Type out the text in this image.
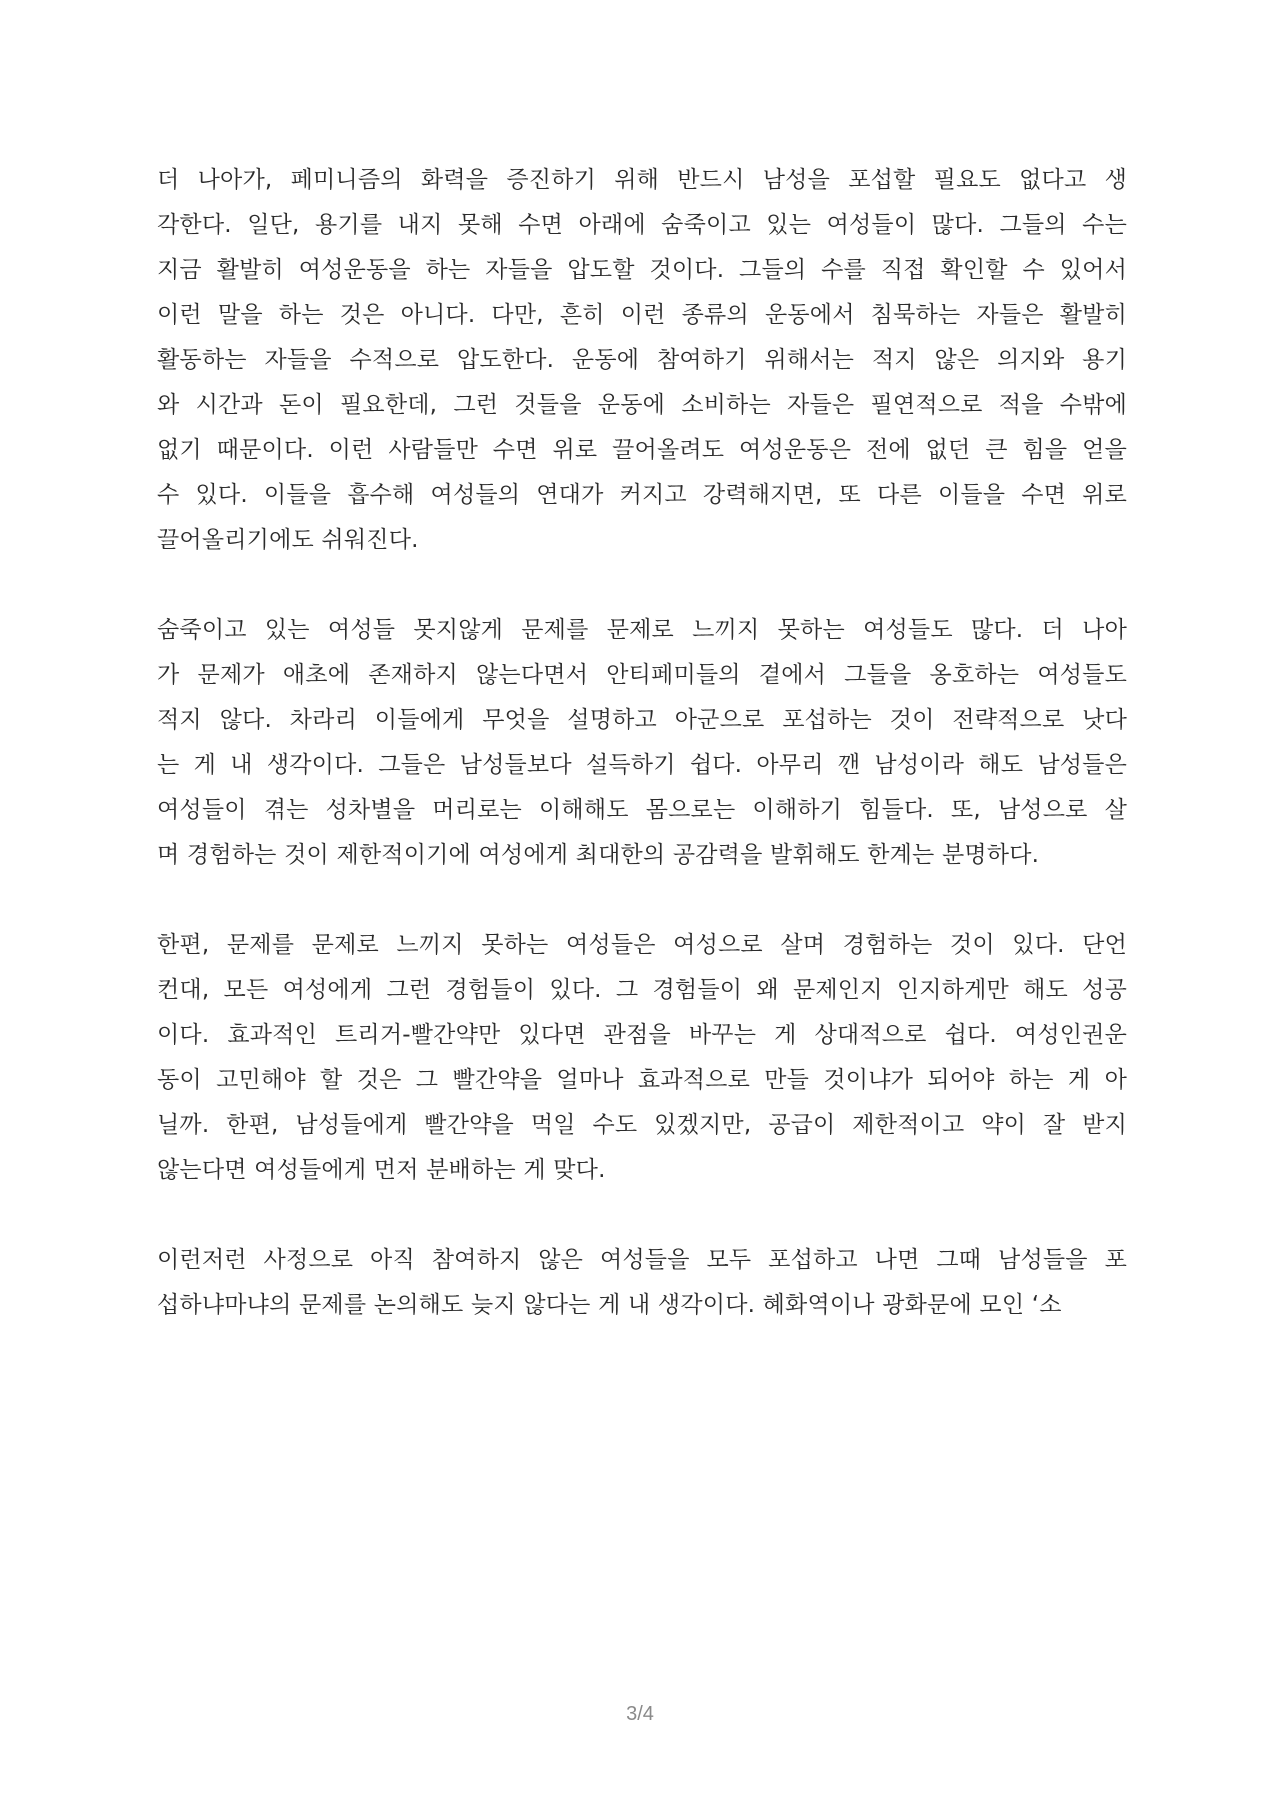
더 나아가, 페미니즘의 화력을 증진하기 위해 반드시 남성을 포섭할 필요도 없다고 생
각한다. 일단, 용기를 내지 못해 수면 아래에 숨죽이고 있는 여성들이 많다. 그들의 수는
지금 활발히 여성운동을 하는 자들을 압도할 것이다. 그들의 수를 직접 확인할 수 있어서
이런 말을 하는 것은 아니다. 다만, 흔히 이런 종류의 운동에서 침묵하는 자들은 활발히
활동하는 자들을 수적으로 압도한다. 운동에 참여하기 위해서는 적지 않은 의지와 용기
와 시간과 돈이 필요한데, 그런 것들을 운동에 소비하는 자들은 필연적으로 적을 수밖에
없기 때문이다. 이런 사람들만 수면 위로 끌어올려도 여성운동은 전에 없던 큰 힘을 얻을
수 있다. 이들을 흡수해 여성들의 연대가 커지고 강력해지면, 또 다른 이들을 수면 위로
끌어올리기에도 쉬워진다.
숨죽이고 있는 여성들 못지않게 문제를 문제로 느끼지 못하는 여성들도 많다. 더 나아
가 문제가 애초에 존재하지 않는다면서 안티페미들의 곁에서 그들을 옹호하는 여성들도
적지 않다. 차라리 이들에게 무엇을 설명하고 아군으로 포섭하는 것이 전략적으로 낫다
는 게 내 생각이다. 그들은 남성들보다 설득하기 쉽다. 아무리 깬 남성이라 해도 남성들은
여성들이 겪는 성차별을 머리로는 이해해도 몸으로는 이해하기 힘들다. 또, 남성으로 살
며 경험하는 것이 제한적이기에 여성에게 최대한의 공감력을 발휘해도 한계는 분명하다.
한편, 문제를 문제로 느끼지 못하는 여성들은 여성으로 살며 경험하는 것이 있다. 단언
컨대, 모든 여성에게 그런 경험들이 있다. 그 경험들이 왜 문제인지 인지하게만 해도 성공
이다. 효과적인 트리거-빨간약만 있다면 관점을 바꾸는 게 상대적으로 쉽다. 여성인권운
동이 고민해야 할 것은 그 빨간약을 얼마나 효과적으로 만들 것이냐가 되어야 하는 게 아
닐까. 한편, 남성들에게 빨간약을 먹일 수도 있겠지만, 공급이 제한적이고 약이 잘 받지
않는다면 여성들에게 먼저 분배하는 게 맞다.
이런저런 사정으로 아직 참여하지 않은 여성들을 모두 포섭하고 나면 그때 남성들을 포
섭하냐마냐의 문제를 논의해도 늦지 않다는 게 내 생각이다. 혜화역이나 광화문에 모인 ‘소
3/4
